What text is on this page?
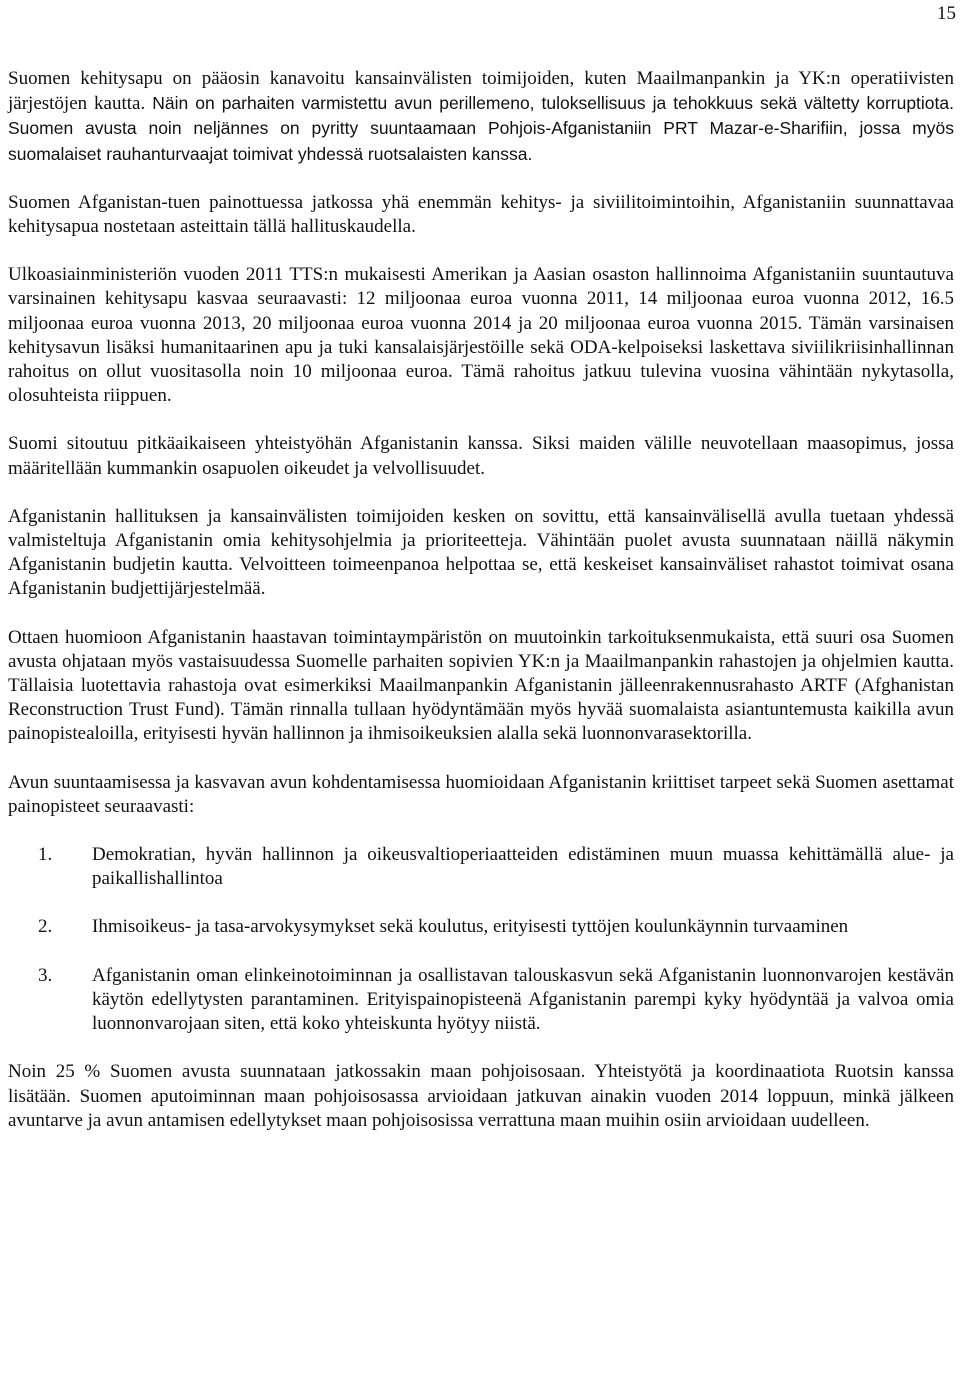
15

Suomen kehitysapu on pääosin kanavoitu kansainvälisten toimijoiden, kuten Maailmanpankin ja YK:n operatiivisten järjestöjen kautta. Näin on parhaiten varmistettu avun perillemeno, tuloksellisuus ja tehokkuus sekä vältetty korruptiota. Suomen avusta noin neljännes on pyritty suuntaamaan Pohjois-Afganistaniin PRT Mazar-e-Sharifiin, jossa myös suomalaiset rauhanturvaajat toimivat yhdessä ruotsalaisten kanssa.

Suomen Afganistan-tuen painottuessa jatkossa yhä enemmän kehitys- ja siviilitoimintoihin, Afganistaniin suunnattavaa kehitysapua nostetaan asteittain tällä hallituskaudella.

Ulkoasiainministeriön vuoden 2011 TTS:n mukaisesti Amerikan ja Aasian osaston hallinnoima Afganistaniin suuntautuva varsinainen kehitysapu kasvaa seuraavasti: 12 miljoonaa euroa vuonna 2011, 14 miljoonaa euroa vuonna 2012, 16.5 miljoonaa euroa vuonna 2013, 20 miljoonaa euroa vuonna 2014 ja 20 miljoonaa euroa vuonna 2015. Tämän varsinaisen kehitysavun lisäksi humanitaarinen apu ja tuki kansalaisjärjestöille sekä ODA-kelpoiseksi laskettava siviilikriisinhallinnan rahoitus on ollut vuositasolla noin 10 miljoonaa euroa. Tämä rahoitus jatkuu tulevina vuosina vähintään nykytasolla, olosuhteista riippuen.

Suomi sitoutuu pitkäaikaiseen yhteistyöhän Afganistanin kanssa. Siksi maiden välille neuvotellaan maasopimus, jossa määritellään kummankin osapuolen oikeudet ja velvollisuudet.

Afganistanin hallituksen ja kansainvälisten toimijoiden kesken on sovittu, että kansainvälisellä avulla tuetaan yhdessä valmisteltuja Afganistanin omia kehitysohjelmia ja prioriteetteja. Vähintään puolet avusta suunnataan näillä näkymin Afganistanin budjetin kautta. Velvoitteen toimeenpanoa helpottaa se, että keskeiset kansainväliset rahastot toimivat osana Afganistanin budjettijärjestelmää.

Ottaen huomioon Afganistanin haastavan toimintaympäristön on muutoinkin tarkoituksenmukaista, että suuri osa Suomen avusta ohjataan myös vastaisuudessa Suomelle parhaiten sopivien YK:n ja Maailmanpankin rahastojen ja ohjelmien kautta. Tällaisia luotettavia rahastoja ovat esimerkiksi Maailmanpankin Afganistanin jälleenrakennusrahasto ARTF (Afghanistan Reconstruction Trust Fund). Tämän rinnalla tullaan hyödyntämään myös hyvää suomalaista asiantuntemusta kaikilla avun painopistealoilla, erityisesti hyvän hallinnon ja ihmisoikeuksien alalla sekä luonnonvarasektorilla.

Avun suuntaamisessa ja kasvavan avun kohdentamisessa huomioidaan Afganistanin kriittiset tarpeet sekä Suomen asettamat painopisteet seuraavasti:

1. Demokratian, hyvän hallinnon ja oikeusvaltioperiaatteiden edistäminen muun muassa kehittämällä alue- ja paikallishallintoa

2. Ihmisoikeus- ja tasa-arvokysymykset sekä koulutus, erityisesti tyttöjen koulunkäynnin turvaaminen

3. Afganistanin oman elinkeinotoiminnan ja osallistavan talouskasvun sekä Afganistanin luonnonvarojen kestävän käytön edellytysten parantaminen. Erityispainopisteenä Afganistanin parempi kyky hyödyntää ja valvoa omia luonnonvarojaan siten, että koko yhteiskunta hyötyy niistä.

Noin 25 % Suomen avusta suunnataan jatkossakin maan pohjoisosaan. Yhteistyötä ja koordinaatiota Ruotsin kanssa lisätään. Suomen aputoiminnan maan pohjoisosassa arvioidaan jatkuvan ainakin vuoden 2014 loppuun, minkä jälkeen avuntarve ja avun antamisen edellytykset maan pohjoisosissa verrattuna maan muihin osiin arvioidaan uudelleen.
